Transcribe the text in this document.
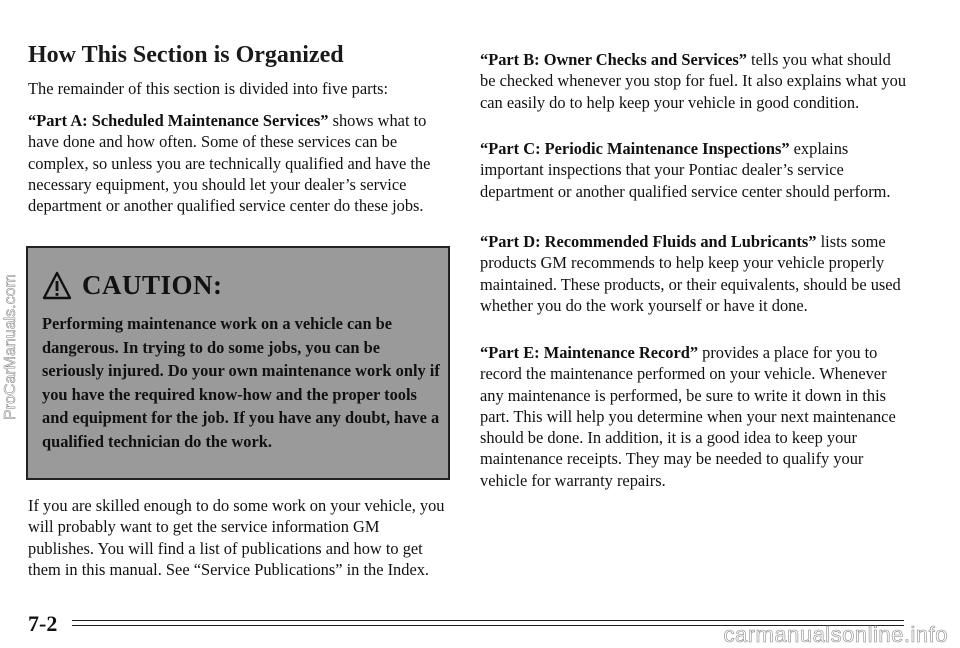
How This Section is Organized

The remainder of this section is divided into five parts:

“Part A: Scheduled Maintenance Services” shows what to have done and how often. Some of these services can be complex, so unless you are technically qualified and have the necessary equipment, you should let your dealer’s service department or another qualified service center do these jobs.

CAUTION:
Performing maintenance work on a vehicle can be dangerous. In trying to do some jobs, you can be seriously injured. Do your own maintenance work only if you have the required know-how and the proper tools and equipment for the job. If you have any doubt, have a qualified technician do the work.

If you are skilled enough to do some work on your vehicle, you will probably want to get the service information GM publishes. You will find a list of publications and how to get them in this manual. See “Service Publications” in the Index.

“Part B: Owner Checks and Services” tells you what should be checked whenever you stop for fuel. It also explains what you can easily do to help keep your vehicle in good condition.

“Part C: Periodic Maintenance Inspections” explains important inspections that your Pontiac dealer’s service department or another qualified service center should perform.

“Part D: Recommended Fluids and Lubricants” lists some products GM recommends to help keep your vehicle properly maintained. These products, or their equivalents, should be used whether you do the work yourself or have it done.

“Part E: Maintenance Record” provides a place for you to record the maintenance performed on your vehicle. Whenever any maintenance is performed, be sure to write it down in this part. This will help you determine when your next maintenance should be done. In addition, it is a good idea to keep your maintenance receipts. They may be needed to qualify your vehicle for warranty repairs.

7-2
ProCarManuals.com
carmanualsonline.info
